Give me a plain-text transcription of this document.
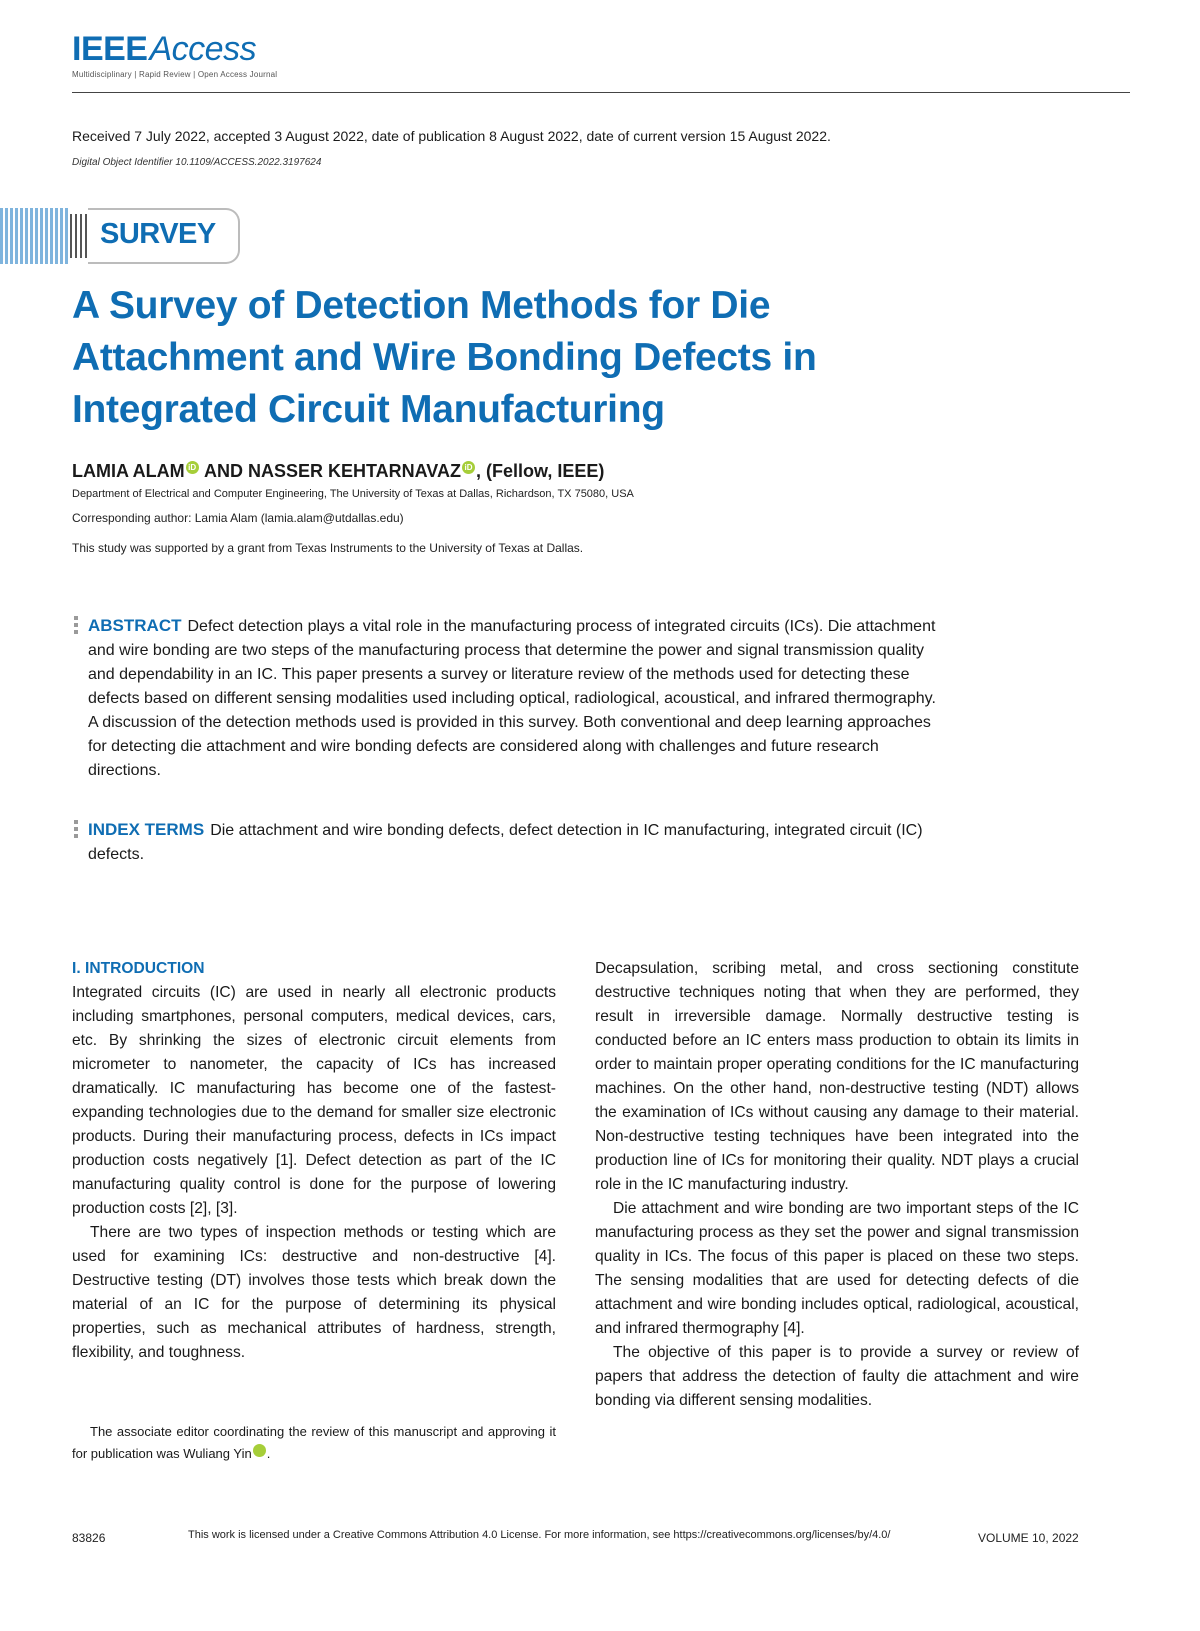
IEEEAccess
Multidisciplinary | Rapid Review | Open Access Journal
Received 7 July 2022, accepted 3 August 2022, date of publication 8 August 2022, date of current version 15 August 2022.
Digital Object Identifier 10.1109/ACCESS.2022.3197624
SURVEY
A Survey of Detection Methods for Die
Attachment and Wire Bonding Defects in
Integrated Circuit Manufacturing
LAMIA ALAM iD AND NASSER KEHTARNAVAZ iD , (Fellow, IEEE)
Department of Electrical and Computer Engineering, The University of Texas at Dallas, Richardson, TX 75080, USA
Corresponding author: Lamia Alam (lamia.alam@utdallas.edu)
This study was supported by a grant from Texas Instruments to the University of Texas at Dallas.

ABSTRACT Defect detection plays a vital role in the manufacturing process of integrated circuits (ICs). Die attachment and wire bonding are two steps of the manufacturing process that determine the power and signal transmission quality and dependability in an IC. This paper presents a survey or literature review of the methods used for detecting these defects based on different sensing modalities used including optical, radiological, acoustical, and infrared thermography. A discussion of the detection methods used is provided in this survey. Both conventional and deep learning approaches for detecting die attachment and wire bonding defects are considered along with challenges and future research directions.

INDEX TERMS Die attachment and wire bonding defects, defect detection in IC manufacturing, integrated circuit (IC) defects.

I. INTRODUCTION

Integrated circuits (IC) are used in nearly all electronic products including smartphones, personal computers, medical devices, cars, etc. By shrinking the sizes of electronic circuit elements from micrometer to nanometer, the capacity of ICs has increased dramatically. IC manufacturing has become one of the fastest-expanding technologies due to the demand for smaller size electronic products. During their manufacturing process, defects in ICs impact production costs negatively [1]. Defect detection as part of the IC manufacturing quality control is done for the purpose of lowering production costs [2], [3].

There are two types of inspection methods or testing which are used for examining ICs: destructive and non-destructive [4]. Destructive testing (DT) involves those tests which break down the material of an IC for the purpose of determining its physical properties, such as mechanical attributes of hardness, strength, flexibility, and toughness.

The associate editor coordinating the review of this manuscript and approving it for publication was Wuliang Yin iD.

Decapsulation, scribing metal, and cross sectioning constitute destructive techniques noting that when they are performed, they result in irreversible damage. Normally destructive testing is conducted before an IC enters mass production to obtain its limits in order to maintain proper operating conditions for the IC manufacturing machines. On the other hand, non-destructive testing (NDT) allows the examination of ICs without causing any damage to their material. Non-destructive testing techniques have been integrated into the production line of ICs for monitoring their quality. NDT plays a crucial role in the IC manufacturing industry.

Die attachment and wire bonding are two important steps of the IC manufacturing process as they set the power and signal transmission quality in ICs. The focus of this paper is placed on these two steps. The sensing modalities that are used for detecting defects of die attachment and wire bonding includes optical, radiological, acoustical, and infrared thermography [4].

The objective of this paper is to provide a survey or review of papers that address the detection of faulty die attachment and wire bonding via different sensing modalities.

83826	This work is licensed under a Creative Commons Attribution 4.0 License. For more information, see https://creativecommons.org/licenses/by/4.0/	VOLUME 10, 2022
